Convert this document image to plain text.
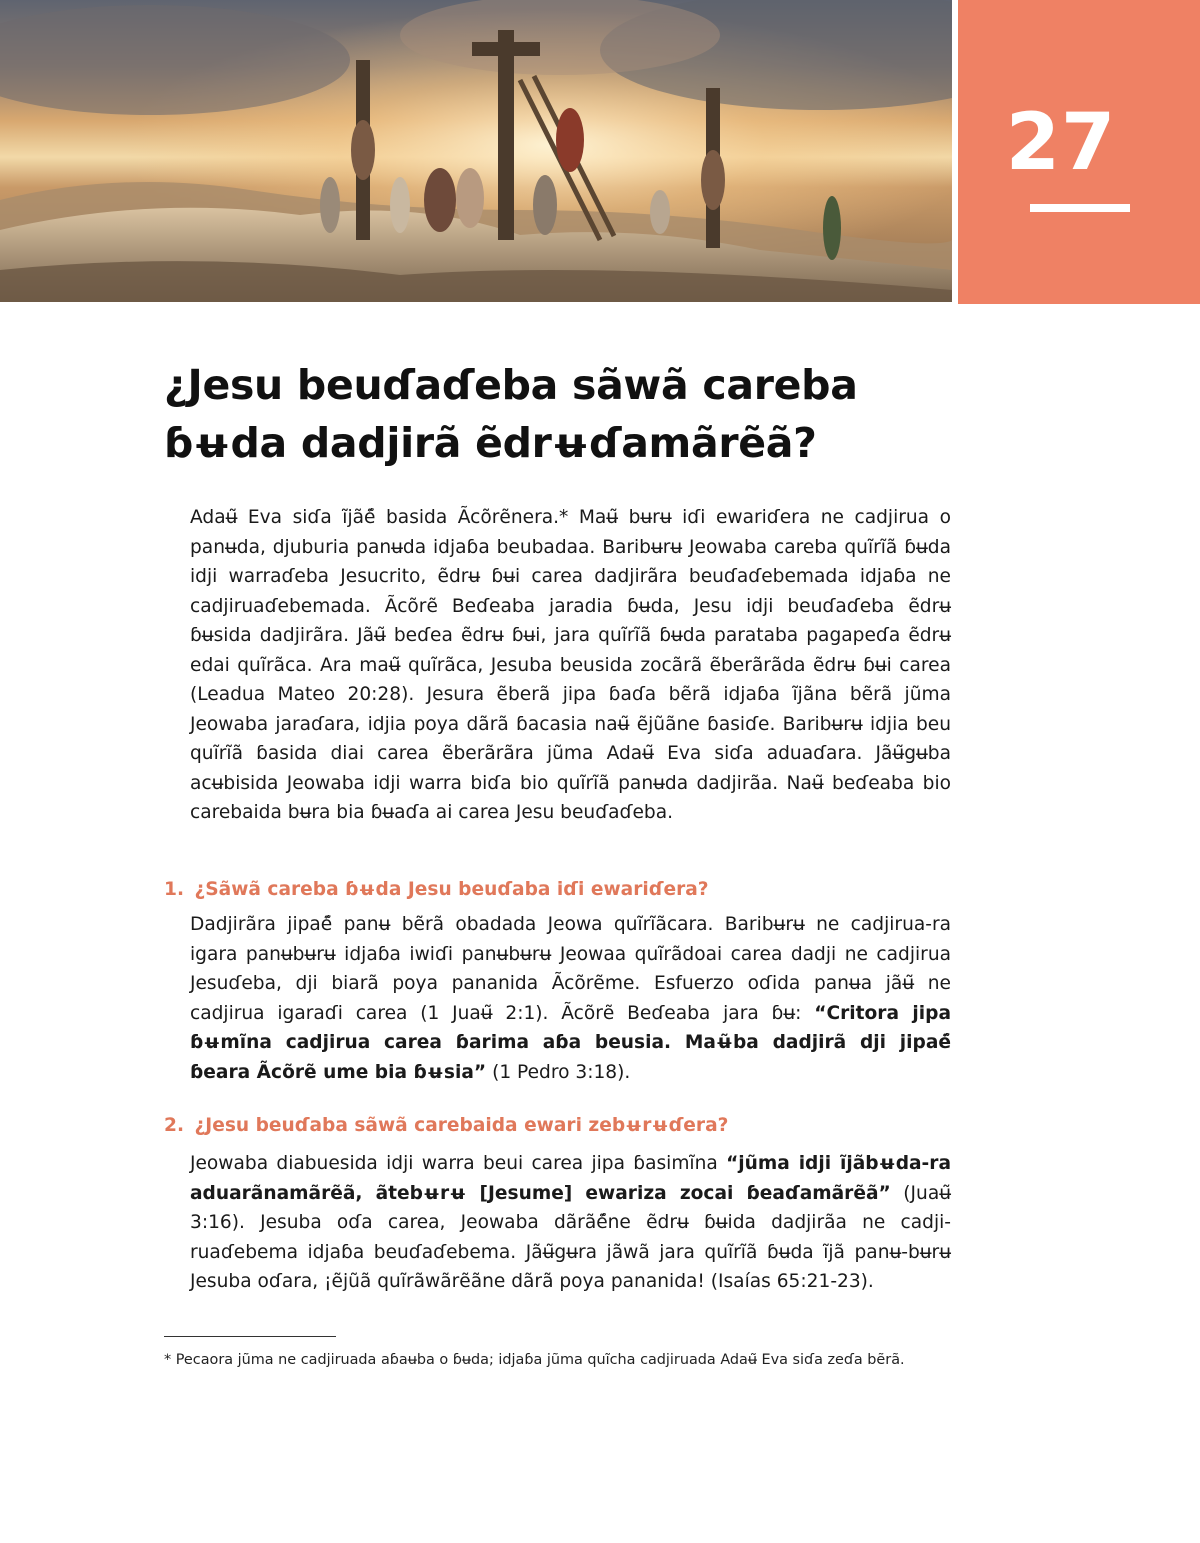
27
¿Jesu beuɗaɗeba sãwã careba ɓʉda dadjirã ẽdrʉɗamãrẽã?

Adaʉ̃ Eva siɗa ĩjãé̃ basida Ãcõrẽnera.* Maʉ̃ bʉrʉ iɗi ewariɗera ne cadjirua o panʉda, djuburia panʉda idjaɓa beubadaa. Baribʉrʉ Jeowaba careba quĩrĩã ɓʉda idji warraɗeba Jesucrito, ẽdrʉ ɓʉi carea dadjirãra beuɗaɗebemada idjaɓa ne cadjiruaɗebemada. Ãcõrẽ Beɗeaba jaradia ɓʉda, Jesu idji beuɗaɗeba ẽdrʉ ɓʉsida dadjirãra. Jãʉ̃ beɗea ẽdrʉ ɓʉi, jara quĩrĩã ɓʉda parataba pagapeɗa ẽdrʉ edai quĩrãca. Ara maʉ̃ quĩrãca, Jesuba beusida zocãrã ẽberãrãda ẽdrʉ ɓʉi carea (Leadua Mateo 20:28). Jesura ẽberã jipa ɓaɗa bẽrã idjaɓa ĩjãna bẽrã jũma Jeowaba jaraɗara, idjia poya dãrã ɓacasia naʉ̃ ẽjũãne ɓasiɗe. Baribʉrʉ idjia beu quĩrĩã ɓasida diai carea ẽberãrãra jũma Adaʉ̃ Eva siɗa aduaɗara. Jãʉ̃gʉba acʉbisida Jeowaba idji warra biɗa bio quĩrĩã panʉda dadjirãa. Naʉ̃ beɗeaba bio carebaida bʉra bia ɓʉaɗa ai carea Jesu beuɗaɗeba.

1. ¿Sãwã careba ɓʉda Jesu beuɗaba iɗi ewariɗera?

Dadjirãra jipaé̃ panʉ bẽrã obadada Jeowa quĩrĩãcara. Baribʉrʉ ne cadjirua-ra igara panʉbʉrʉ idjaɓa iwiɗi panʉbʉrʉ Jeowaa quĩrãdoai carea dadji ne cadjirua Jesuɗeba, dji biarã poya pananida Ãcõrẽme. Esfuerzo oɗida panʉa jãʉ̃ ne cadjirua igaraɗi carea (1 Juaʉ̃ 2:1). Ãcõrẽ Beɗeaba jara ɓʉ: “Critora jipa ɓʉmĩna cadjirua carea ɓarima aɓa beusia. Maʉ̃ba dadjirã dji jipaé̃ ɓeara Ãcõrẽ ume bia ɓʉsia” (1 Pedro 3:18).

2. ¿Jesu beuɗaba sãwã carebaida ewari zebʉrʉɗera?

Jeowaba diabuesida idji warra beui carea jipa ɓasimĩna “jũma idji ĩjãbʉda-ra aduarãnamãrẽã, ãtebʉrʉ [Jesume] ewariza zocai ɓeaɗamãrẽã” (Juaʉ̃ 3:16). Jesuba oɗa carea, Jeowaba dãrãé̃ne ẽdrʉ ɓʉida dadjirãa ne cadji-ruaɗebema idjaɓa beuɗaɗebema. Jãʉ̃gʉra jãwã jara quĩrĩã ɓʉda ĩjã panʉ-bʉrʉ Jesuba oɗara, ¡ẽjũã quĩrãwãrẽãne dãrã poya pananida! (Isaías 65:21-23).

* Pecaora jũma ne cadjiruada aɓaʉba o ɓʉda; idjaɓa jũma quĩcha cadjiruada Adaʉ̃ Eva siɗa zeɗa bẽrã.
